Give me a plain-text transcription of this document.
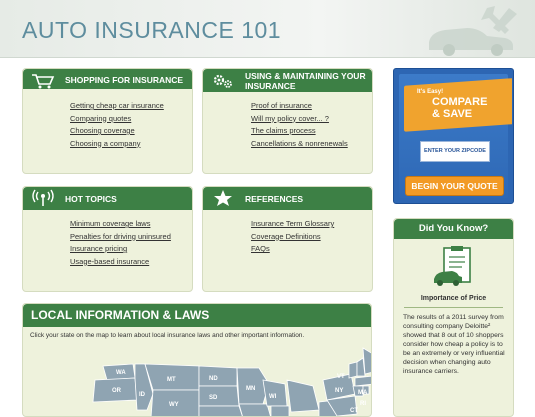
AUTO INSURANCE 101
SHOPPING FOR INSURANCE
Getting cheap car insurance
Comparing quotes
Choosing coverage
Choosing a company
USING & MAINTAINING YOUR
INSURANCE
Proof of insurance
Will my policy cover... ?
The claims process
Cancellations & nonrenewals
HOT TOPICS
Minimum coverage laws
Penalties for driving uninsured
Insurance pricing
Usage-based insurance
REFERENCES
Insurance Term Glossary
Coverage Definitions
FAQs
It's Easy!
COMPARE
& SAVE
ENTER YOUR ZIPCODE
BEGIN YOUR QUOTE
Did You Know?
Importance of Price
The results of a 2011 survey from consulting company Deloitte² showed that 8 out of 10 shoppers consider how cheap a policy is to be an extremely or very influential decision when changing auto insurance carriers.
LOCAL INFORMATION & LAWS
Click your state on the map to learn about local insurance laws and other important information.
WA
OR
ID
MT
WY
ND
SD
MN
WI
VT
NY MA
RI
CT
